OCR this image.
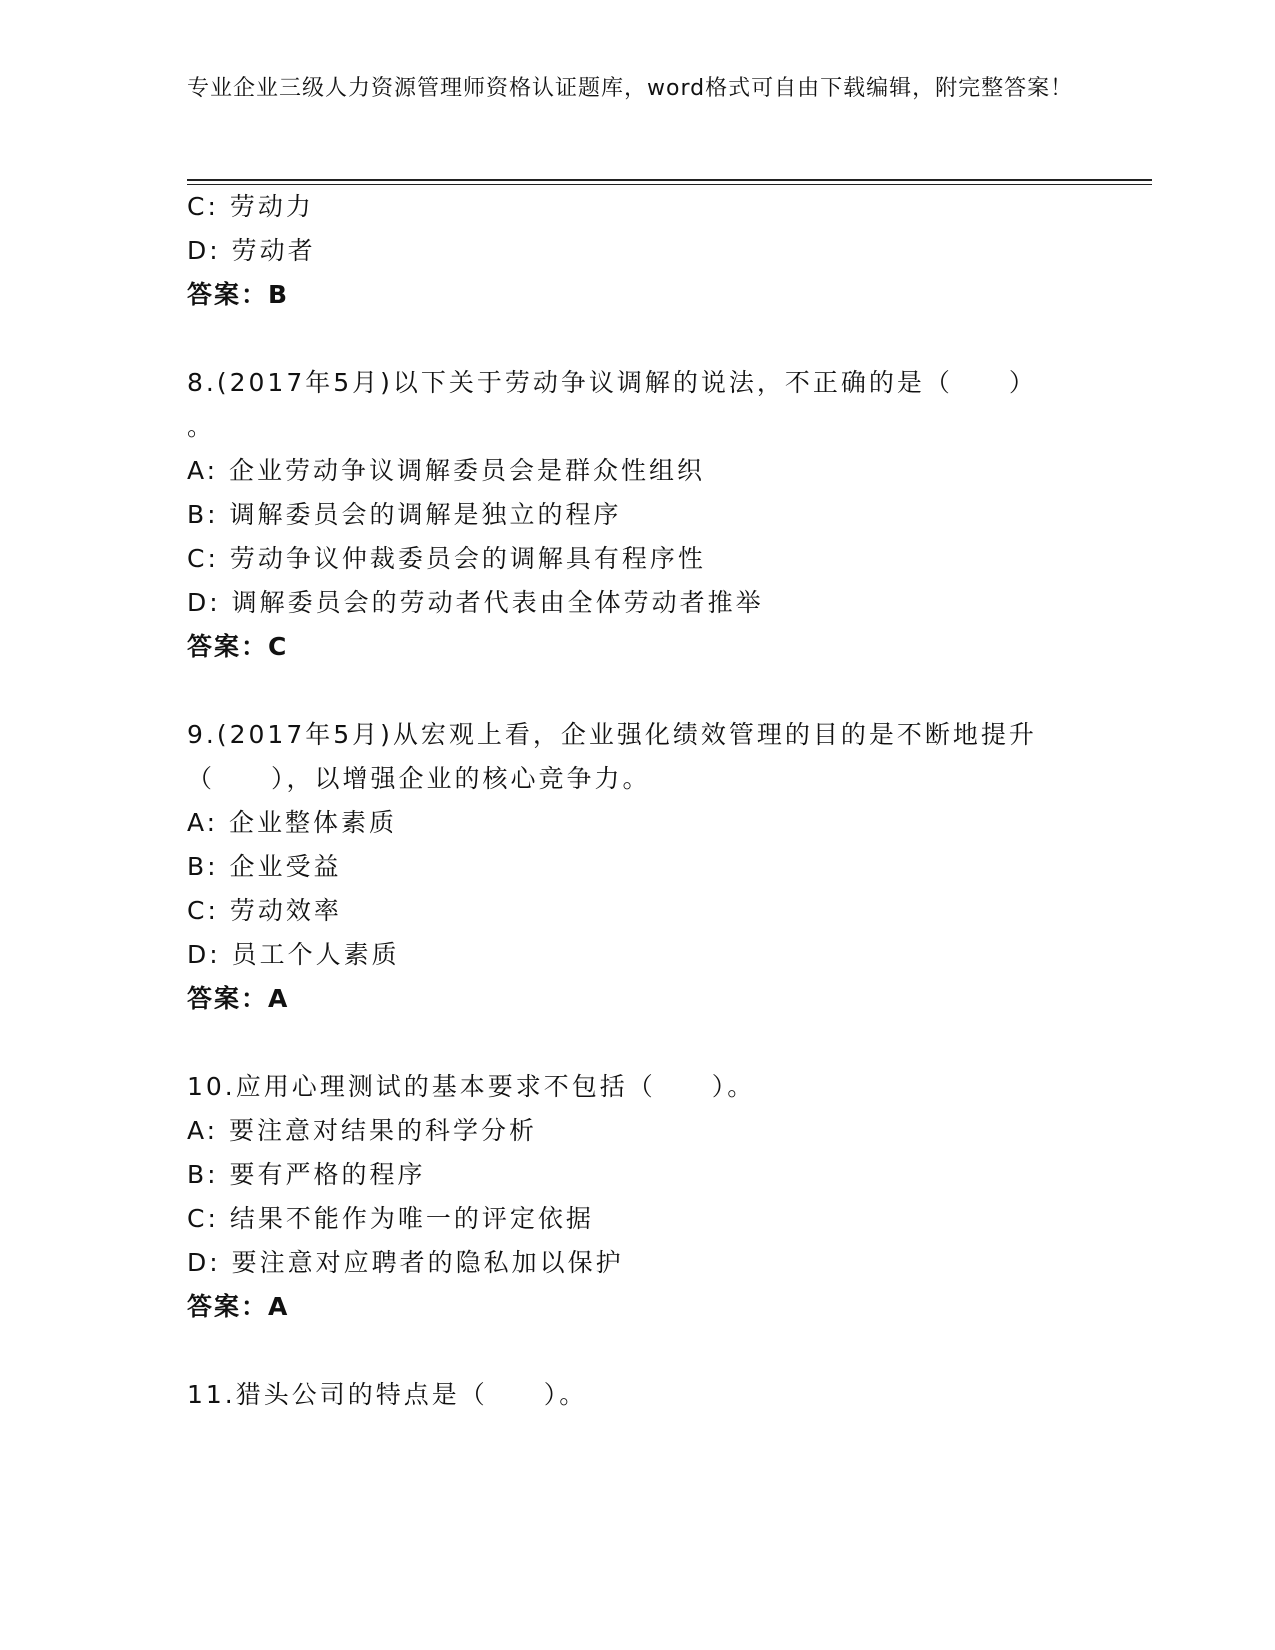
专业企业三级人力资源管理师资格认证题库，word格式可自由下载编辑，附完整答案！
C: 劳动力
D: 劳动者
答案：B
8.(2017年5月)以下关于劳动争议调解的说法，不正确的是（　　）
。
A: 企业劳动争议调解委员会是群众性组织
B: 调解委员会的调解是独立的程序
C: 劳动争议仲裁委员会的调解具有程序性
D: 调解委员会的劳动者代表由全体劳动者推举
答案：C
9.(2017年5月)从宏观上看，企业强化绩效管理的目的是不断地提升
（　　），以增强企业的核心竞争力。
A: 企业整体素质
B: 企业受益
C: 劳动效率
D: 员工个人素质
答案：A
10.应用心理测试的基本要求不包括（　　）。
A: 要注意对结果的科学分析
B: 要有严格的程序
C: 结果不能作为唯一的评定依据
D: 要注意对应聘者的隐私加以保护
答案：A
11.猎头公司的特点是（　　）。
